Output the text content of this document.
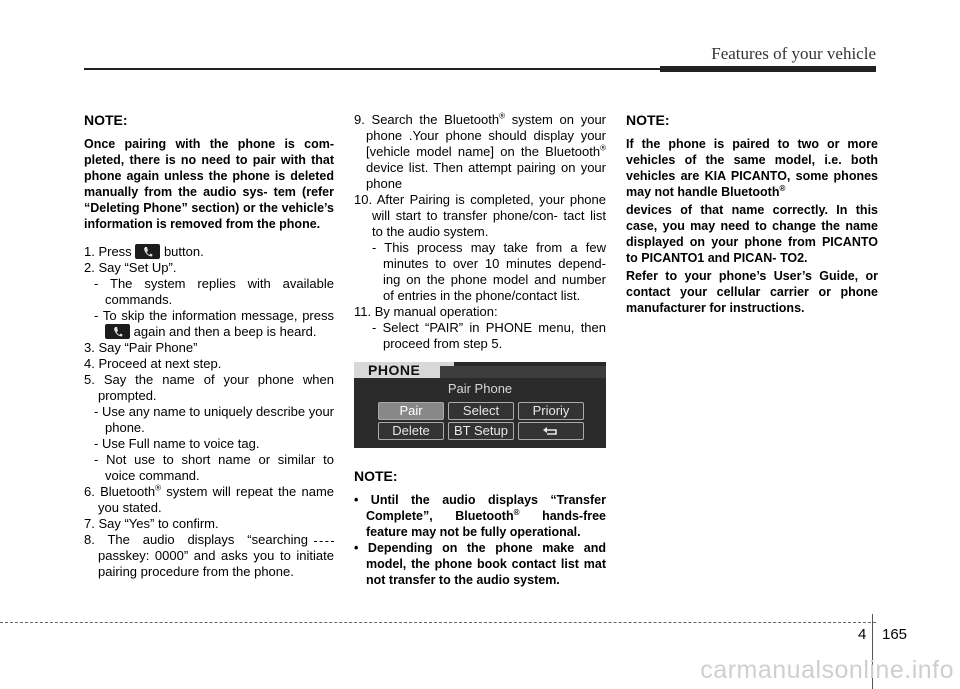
Features of your vehicle
NOTE:
Once pairing with the phone is com- pleted, there is no need to pair with that phone again unless the phone is deleted manually from the audio sys- tem (refer “Deleting Phone” section) or the vehicle’s information is removed from the phone.

1. Press button.

2. Say “Set Up”.

- The system replies with available commands.

- To skip the information message, press
again and then a beep is heard.

3. Say “Pair Phone”

4. Proceed at next step.

5. Say the name of your phone when prompted.

- Use any name to uniquely describe your phone.

- Use Full name to voice tag.

- Not use to short name or similar to voice command.

6. Bluetooth® system will repeat the name you stated.

7. Say “Yes” to confirm.

8. The audio displays “searching passkey: 0000” and asks you to initiate pairing procedure from the phone.

9. Search the Bluetooth® system on your phone .Your phone should display your [vehicle model name] on the Bluetooth® device list. Then attempt pairing on your phone

10. After Pairing is completed, your phone will start to transfer phone/con- tact list to the audio system.

- This process may take from a few minutes to over 10 minutes depend- ing on the phone model and number of entries in the phone/contact list.

11. By manual operation:

- Select “PAIR” in PHONE menu, then proceed from step 5.

PHONE
Pair Phone
Pair	Select	Prioriy
Delete	BT Setup
NOTE:

• Until the audio displays “Transfer Complete”, Bluetooth® hands-free feature may not be fully operational.

• Depending on the phone make and model, the phone book contact list mat not transfer to the audio system.

NOTE:
If the phone is paired to two or more vehicles of the same model, i.e. both vehicles are KIA PICANTO, some phones may not handle Bluetooth®
devices of that name correctly. In this case, you may need to change the name displayed on your phone from PICANTO to PICANTO1 and PICAN- TO2.
Refer to your phone’s User’s Guide, or contact your cellular carrier or phone manufacturer for instructions.
4 165
carmanualsonline.info
